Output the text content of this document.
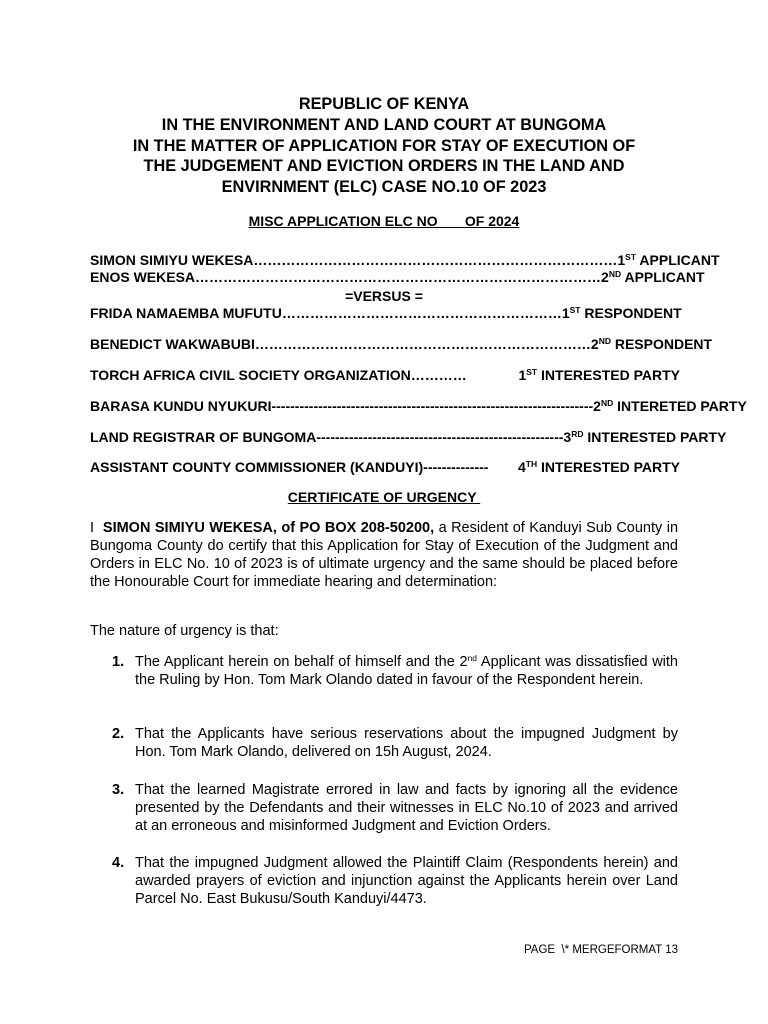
REPUBLIC OF KENYA
IN THE ENVIRONMENT AND LAND COURT AT BUNGOMA
IN THE MATTER OF APPLICATION FOR STAY OF EXECUTION OF
THE JUDGEMENT AND EVICTION ORDERS IN THE LAND AND
ENVIRNMENT (ELC) CASE NO.10 OF 2023
MISC APPLICATION ELC NO       OF 2024
SIMON SIMIYU WEKESA …………………………………………………………………… 1ST APPLICANT
ENOS WEKESA …………………………………………………………………………… 2ND APPLICANT
=VERSUS =
FRIDA NAMAEMBA MUFUTU …………………………………………………… 1ST RESPONDENT
BENEDICT WAKWABUBI ……………………………………………………………… 2ND RESPONDENT
TORCH AFRICA CIVIL SOCIETY ORGANIZATION …………	1ST INTERESTED PARTY
BARASA KUNDU NYUKURI --------------------------------------------------------------------- 2ND INTERETED PARTY
LAND REGISTRAR OF BUNGOMA ----------------------------------------------------- 3RD INTERESTED PARTY
ASSISTANT COUNTY COMMISSIONER (KANDUYI) --------------	4TH INTERESTED PARTY
CERTIFICATE OF URGENCY
I  SIMON SIMIYU WEKESA, of PO BOX 208-50200, a Resident of Kanduyi Sub County in Bungoma County do certify that this Application for Stay of Execution of the Judgment and Orders in ELC No. 10 of 2023 is of ultimate urgency and the same should be placed before the Honourable Court for immediate hearing and determination:
The nature of urgency is that:
1. The Applicant herein on behalf of himself and the 2nd Applicant was dissatisfied with the Ruling by Hon. Tom Mark Olando dated in favour of the Respondent herein.
2. That the Applicants have serious reservations about the impugned Judgment by Hon. Tom Mark Olando, delivered on 15h August, 2024.
3. That the learned Magistrate errored in law and facts by ignoring all the evidence presented by the Defendants and their witnesses in ELC No.10 of 2023 and arrived at an erroneous and misinformed Judgment and Eviction Orders.
4. That the impugned Judgment allowed the Plaintiff Claim (Respondents herein) and awarded prayers of eviction and injunction against the Applicants herein over Land Parcel No. East Bukusu/South Kanduyi/4473.
PAGE  \* MERGEFORMAT 13
